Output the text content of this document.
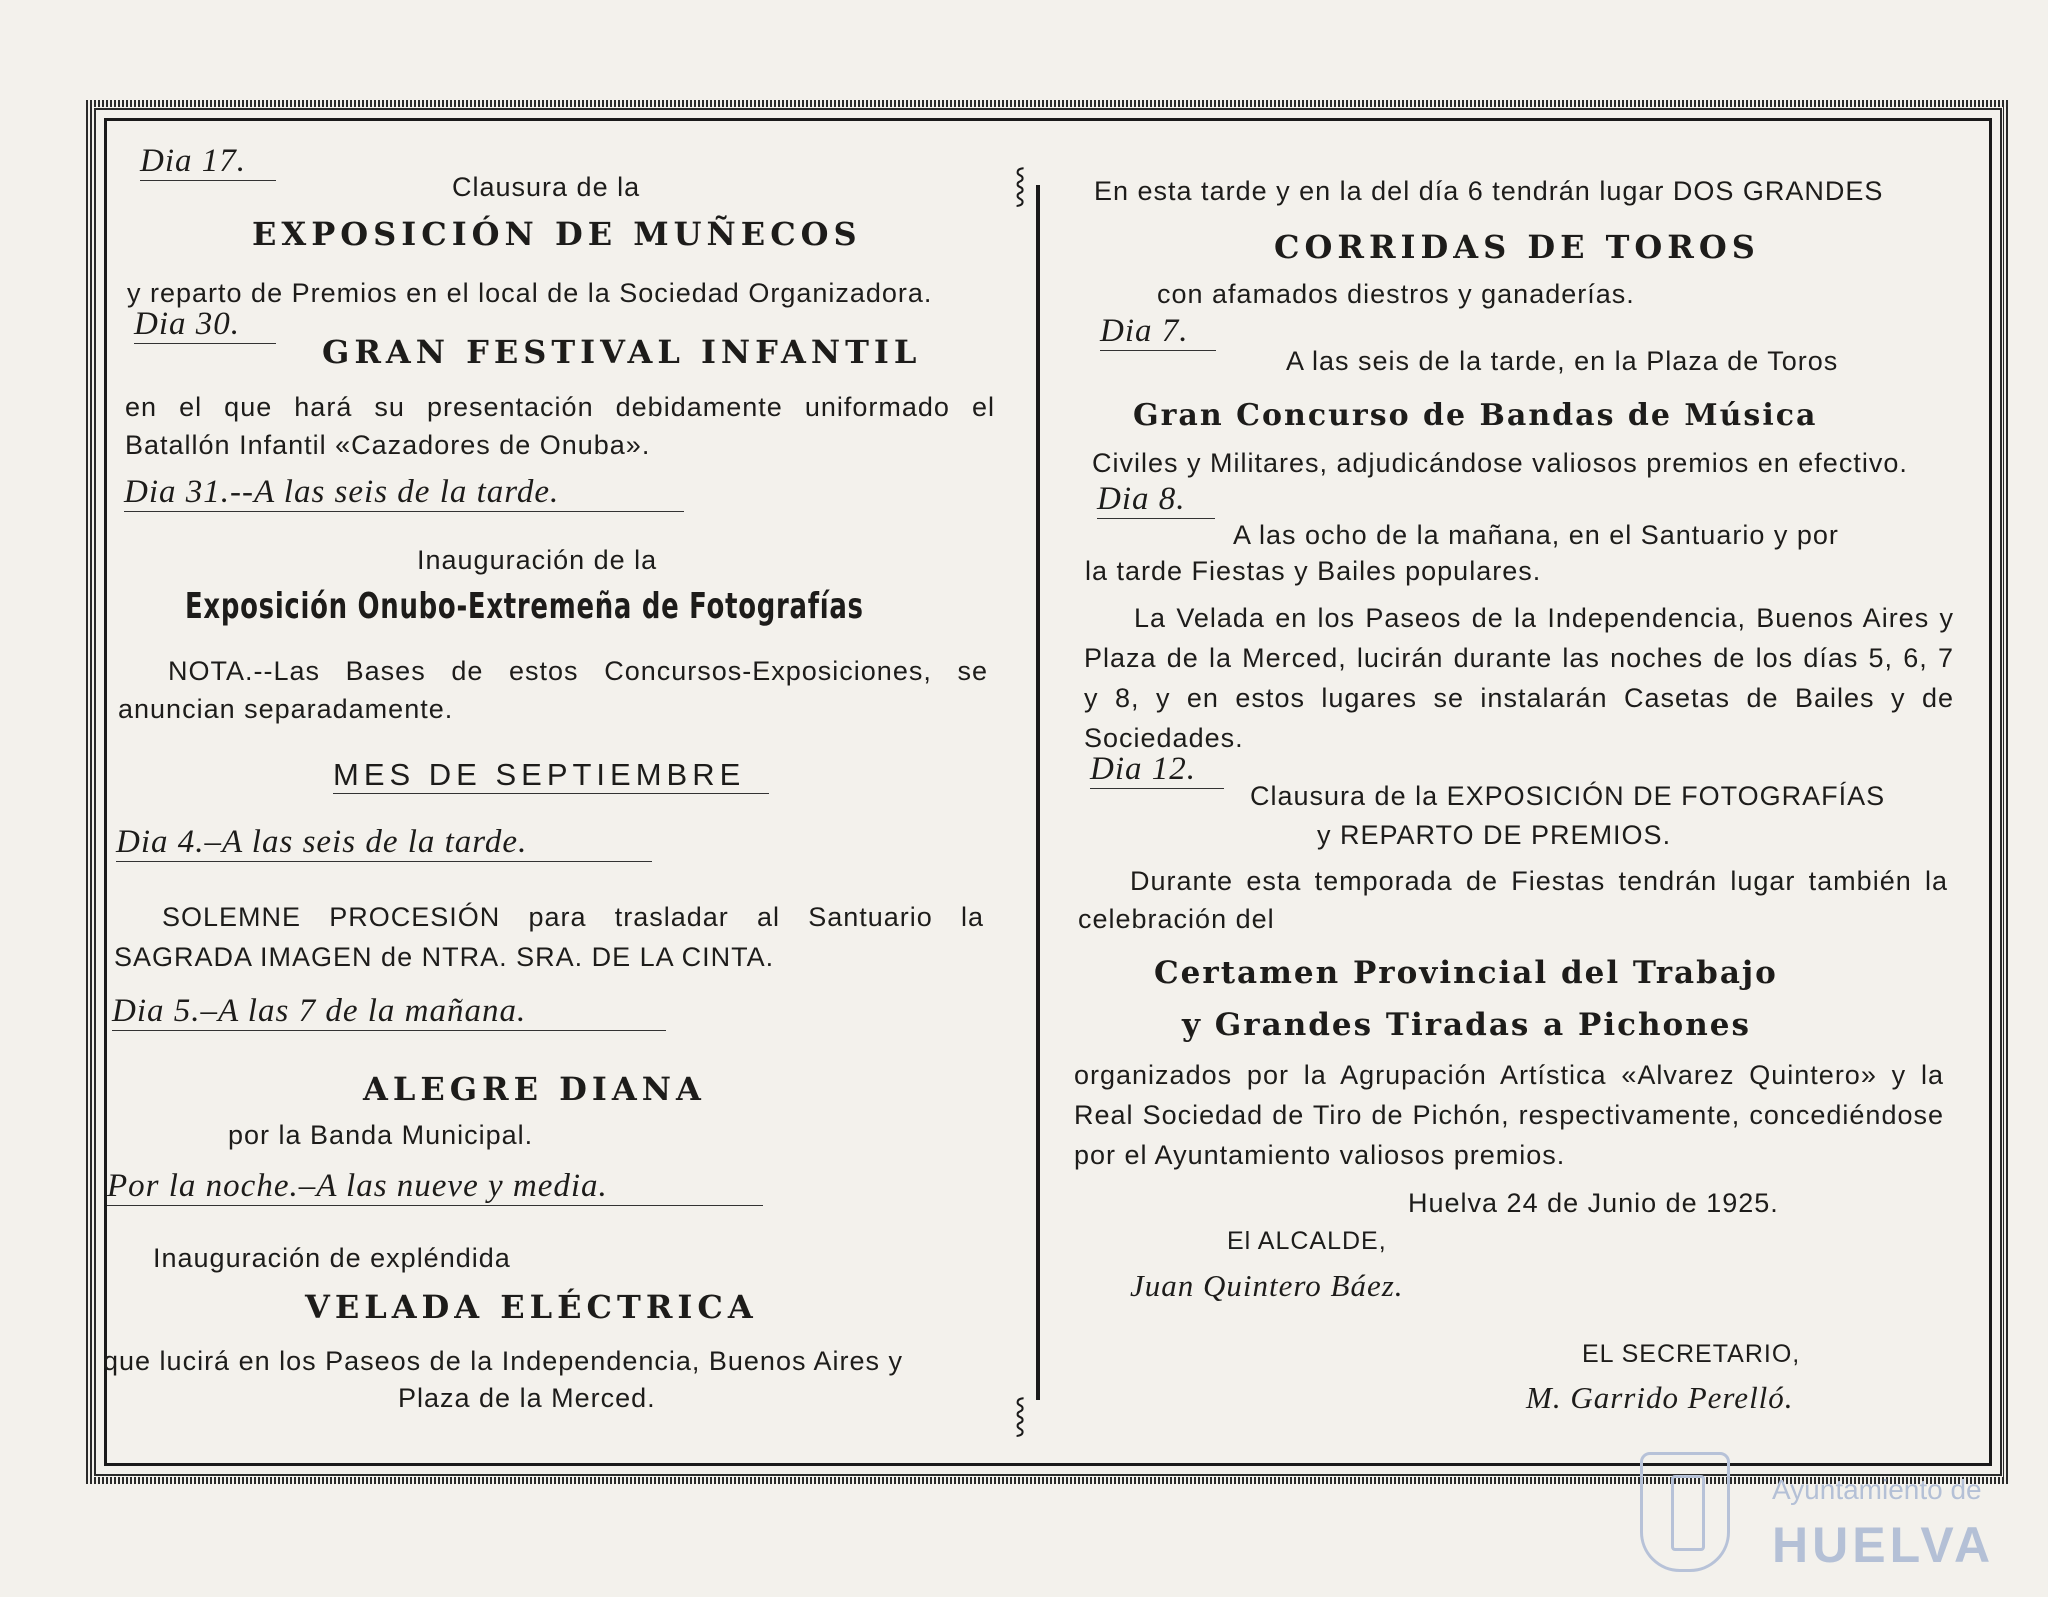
Dia 17.
Clausura de la
EXPOSICIÓN DE MUÑECOS
y reparto de Premios en el local de la Sociedad Organizadora.
Dia 30.
GRAN FESTIVAL INFANTIL
en el que hará su presentación debidamente uniformado el Batallón Infantil «Cazadores de Onuba».
Dia 31.--A las seis de la tarde.
Inauguración de la
Exposición Onubo-Extremeña de Fotografías
NOTA.--Las Bases de estos Concursos-Exposiciones, se anuncian separadamente.
MES DE SEPTIEMBRE
Dia 4.–A las seis de la tarde.
SOLEMNE PROCESIÓN para trasladar al Santuario la SAGRADA IMAGEN de NTRA. SRA. DE LA CINTA.
Dia 5.–A las 7 de la mañana.
ALEGRE DIANA
por la Banda Municipal.
Por la noche.–A las nueve y media.
Inauguración de expléndida
VELADA ELÉCTRICA
que lucirá en los Paseos de la Independencia, Buenos Aires y
Plaza de la Merced.
⸾
⸾
En esta tarde y en la del día 6 tendrán lugar DOS GRANDES
CORRIDAS DE TOROS
con afamados diestros y ganaderías.
Dia 7.
A las seis de la tarde, en la Plaza de Toros
Gran Concurso de Bandas de Música
Civiles y Militares, adjudicándose valiosos premios en efectivo.
Dia 8.
A las ocho de la mañana, en el Santuario y por
la tarde Fiestas y Bailes populares.
La Velada en los Paseos de la Independencia, Buenos Aires y Plaza de la Merced, lucirán durante las noches de los días 5, 6, 7 y 8, y en estos lugares se instalarán Casetas de Bailes y de Sociedades.
Dia 12.
Clausura de la EXPOSICIÓN DE FOTOGRAFÍAS
y REPARTO DE PREMIOS.
Durante esta temporada de Fiestas tendrán lugar también la celebración del
Certamen Provincial del Trabajo
y Grandes Tiradas a Pichones
organizados por la Agrupación Artística «Alvarez Quintero» y la Real Sociedad de Tiro de Pichón, respectivamente, concediéndose por el Ayuntamiento valiosos premios.
Huelva 24 de Junio de 1925.
El ALCALDE,
Juan Quintero Báez.
EL SECRETARIO,
M. Garrido Perelló.
Ayuntamiento de
HUELVA
